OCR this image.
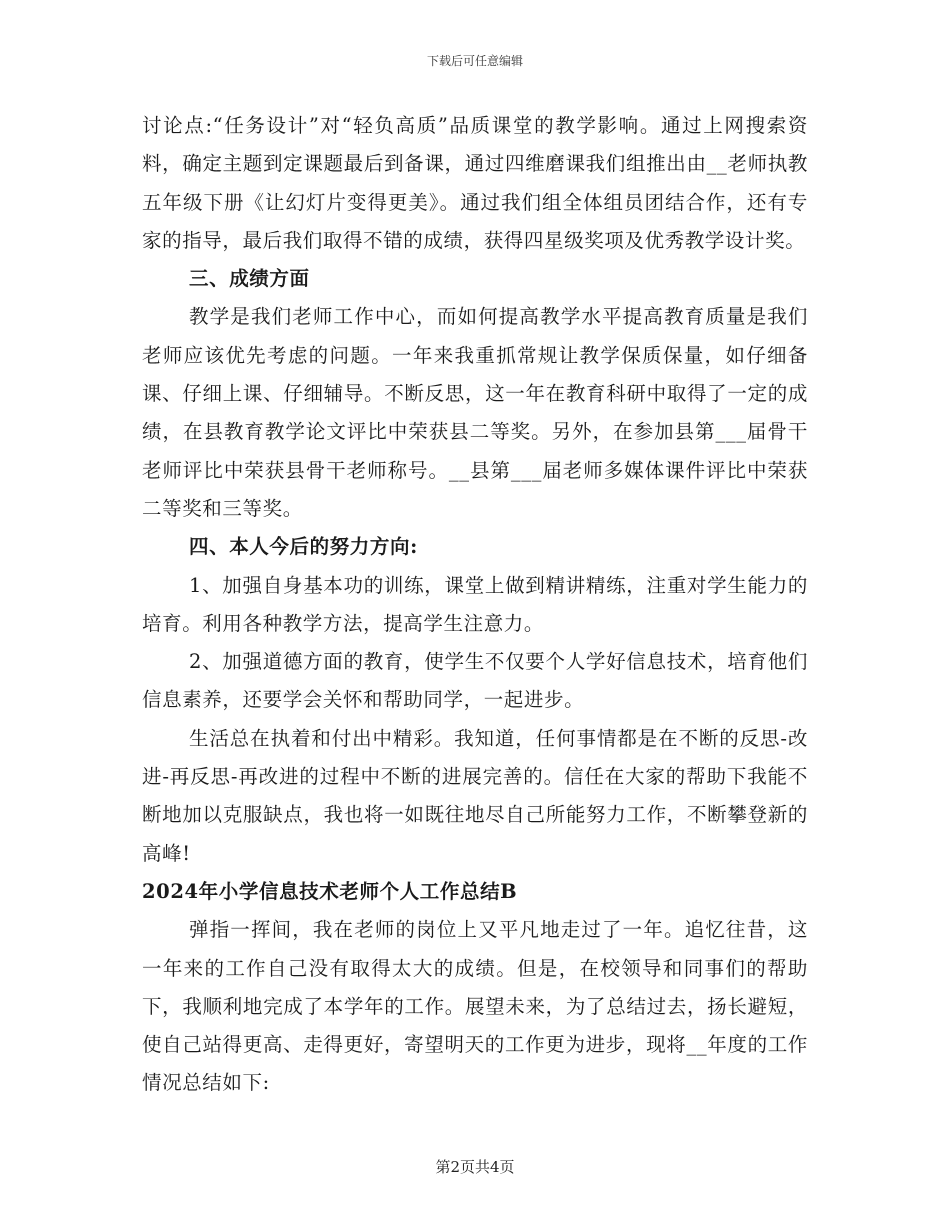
下载后可任意编辑

讨论点:“任务设计”对“轻负高质”品质课堂的教学影响。通过上网搜索资料，确定主题到定课题最后到备课，通过四维磨课我们组推出由__老师执教五年级下册《让幻灯片变得更美》。通过我们组全体组员团结合作，还有专家的指导，最后我们取得不错的成绩，获得四星级奖项及优秀教学设计奖。

三、成绩方面

教学是我们老师工作中心，而如何提高教学水平提高教育质量是我们老师应该优先考虑的问题。一年来我重抓常规让教学保质保量，如仔细备课、仔细上课、仔细辅导。不断反思，这一年在教育科研中取得了一定的成绩，在县教育教学论文评比中荣获县二等奖。另外，在参加县第___届骨干老师评比中荣获县骨干老师称号。__县第___届老师多媒体课件评比中荣获二等奖和三等奖。

四、本人今后的努力方向:

1、加强自身基本功的训练，课堂上做到精讲精练，注重对学生能力的培育。利用各种教学方法，提高学生注意力。

2、加强道德方面的教育，使学生不仅要个人学好信息技术，培育他们信息素养，还要学会关怀和帮助同学，一起进步。

生活总在执着和付出中精彩。我知道，任何事情都是在不断的反思-改进-再反思-再改进的过程中不断的进展完善的。信任在大家的帮助下我能不断地加以克服缺点，我也将一如既往地尽自己所能努力工作，不断攀登新的高峰!

2024年小学信息技术老师个人工作总结B

弹指一挥间，我在老师的岗位上又平凡地走过了一年。追忆往昔，这一年来的工作自己没有取得太大的成绩。但是，在校领导和同事们的帮助下，我顺利地完成了本学年的工作。展望未来，为了总结过去，扬长避短，使自己站得更高、走得更好，寄望明天的工作更为进步，现将__年度的工作情况总结如下:

第2页共4页
